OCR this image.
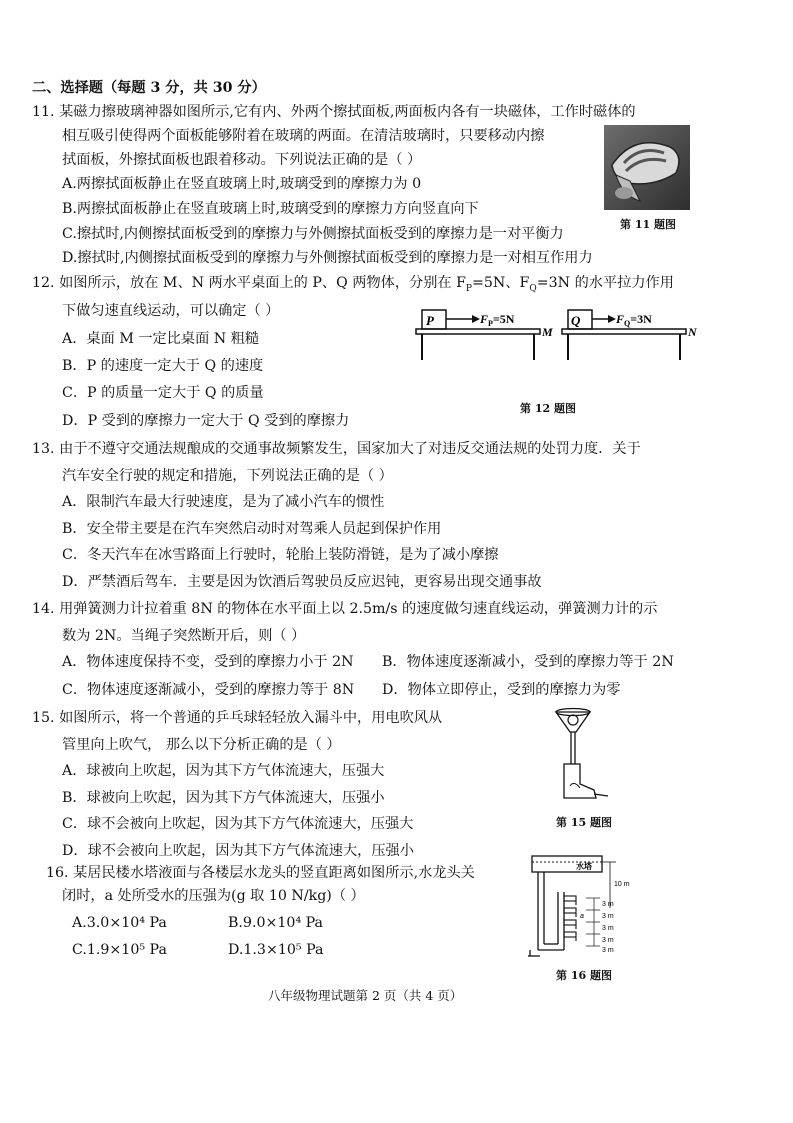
二、选择题（每题 3 分，共 30 分）
11. 某磁力擦玻璃神器如图所示,它有内、外两个擦拭面板,两面板内各有一块磁体，工作时磁体的
相互吸引使得两个面板能够附着在玻璃的两面。在清洁玻璃时，只要移动内擦
拭面板，外擦拭面板也跟着移动。下列说法正确的是（ ）
A.两擦拭面板静止在竖直玻璃上时,玻璃受到的摩擦力为 0
B.两擦拭面板静止在竖直玻璃上时,玻璃受到的摩擦力方向竖直向下
C.擦拭时,内侧擦拭面板受到的摩擦力与外侧擦拭面板受到的摩擦力是一对平衡力
D.擦拭时,内侧擦拭面板受到的摩擦力与外侧擦拭面板受到的摩擦力是一对相互作用力
第 11 题图
12. 如图所示，放在 M、N 两水平桌面上的 P、Q 两物体，分别在 $F_P=5N$、$F_Q=3N$ 的水平拉力作用
下做匀速直线运动，可以确定（ ）
A．桌面 M 一定比桌面 N 粗糙
B．P 的速度一定大于 Q 的速度
C．P 的质量一定大于 Q 的质量
D．P 受到的摩擦力一定大于 Q 受到的摩擦力
P	$F_P=5N$
M
Q	$F_Q=3N$
N
第 12 题图
13. 由于不遵守交通法规酿成的交通事故频繁发生，国家加大了对违反交通法规的处罚力度．关于
汽车安全行驶的规定和措施，下列说法正确的是（ ）
A．限制汽车最大行驶速度，是为了减小汽车的惯性
B．安全带主要是在汽车突然启动时对驾乘人员起到保护作用
C．冬天汽车在冰雪路面上行驶时，轮胎上装防滑链，是为了减小摩擦
D．严禁酒后驾车．主要是因为饮酒后驾驶员反应迟钝，更容易出现交通事故
14. 用弹簧测力计拉着重 8N 的物体在水平面上以 2.5m/s 的速度做匀速直线运动，弹簧测力计的示
数为 2N。当绳子突然断开后，则（ ）
A．物体速度保持不变，受到的摩擦力小于 2N B．物体速度逐渐减小，受到的摩擦力等于 2N
C．物体速度逐渐减小，受到的摩擦力等于 8N D．物体立即停止，受到的摩擦力为零
15. 如图所示，将一个普通的乒乓球轻轻放入漏斗中，用电吹风从
管里向上吹气， 那么以下分析正确的是（ ）
A．球被向上吹起，因为其下方气体流速大，压强大
B．球被向上吹起，因为其下方气体流速大，压强小
C．球不会被向上吹起，因为其下方气体流速大，压强大
D．球不会被向上吹起，因为其下方气体流速大，压强小
第 15 题图
16. 某居民楼水塔液面与各楼层水龙头的竖直距离如图所示,水龙头关
闭时，a 处所受水的压强为(g 取 10 N/kg)（ ）
A.3.0×10⁴ Pa	B.9.0×10⁴ Pa
C.1.9×10⁵ Pa	D.1.3×10⁵ Pa
水塔
10 m
3 m
3 m
3 m
3 m
3 m
a
第 16 题图
八年级物理试题第 2 页（共 4 页）
